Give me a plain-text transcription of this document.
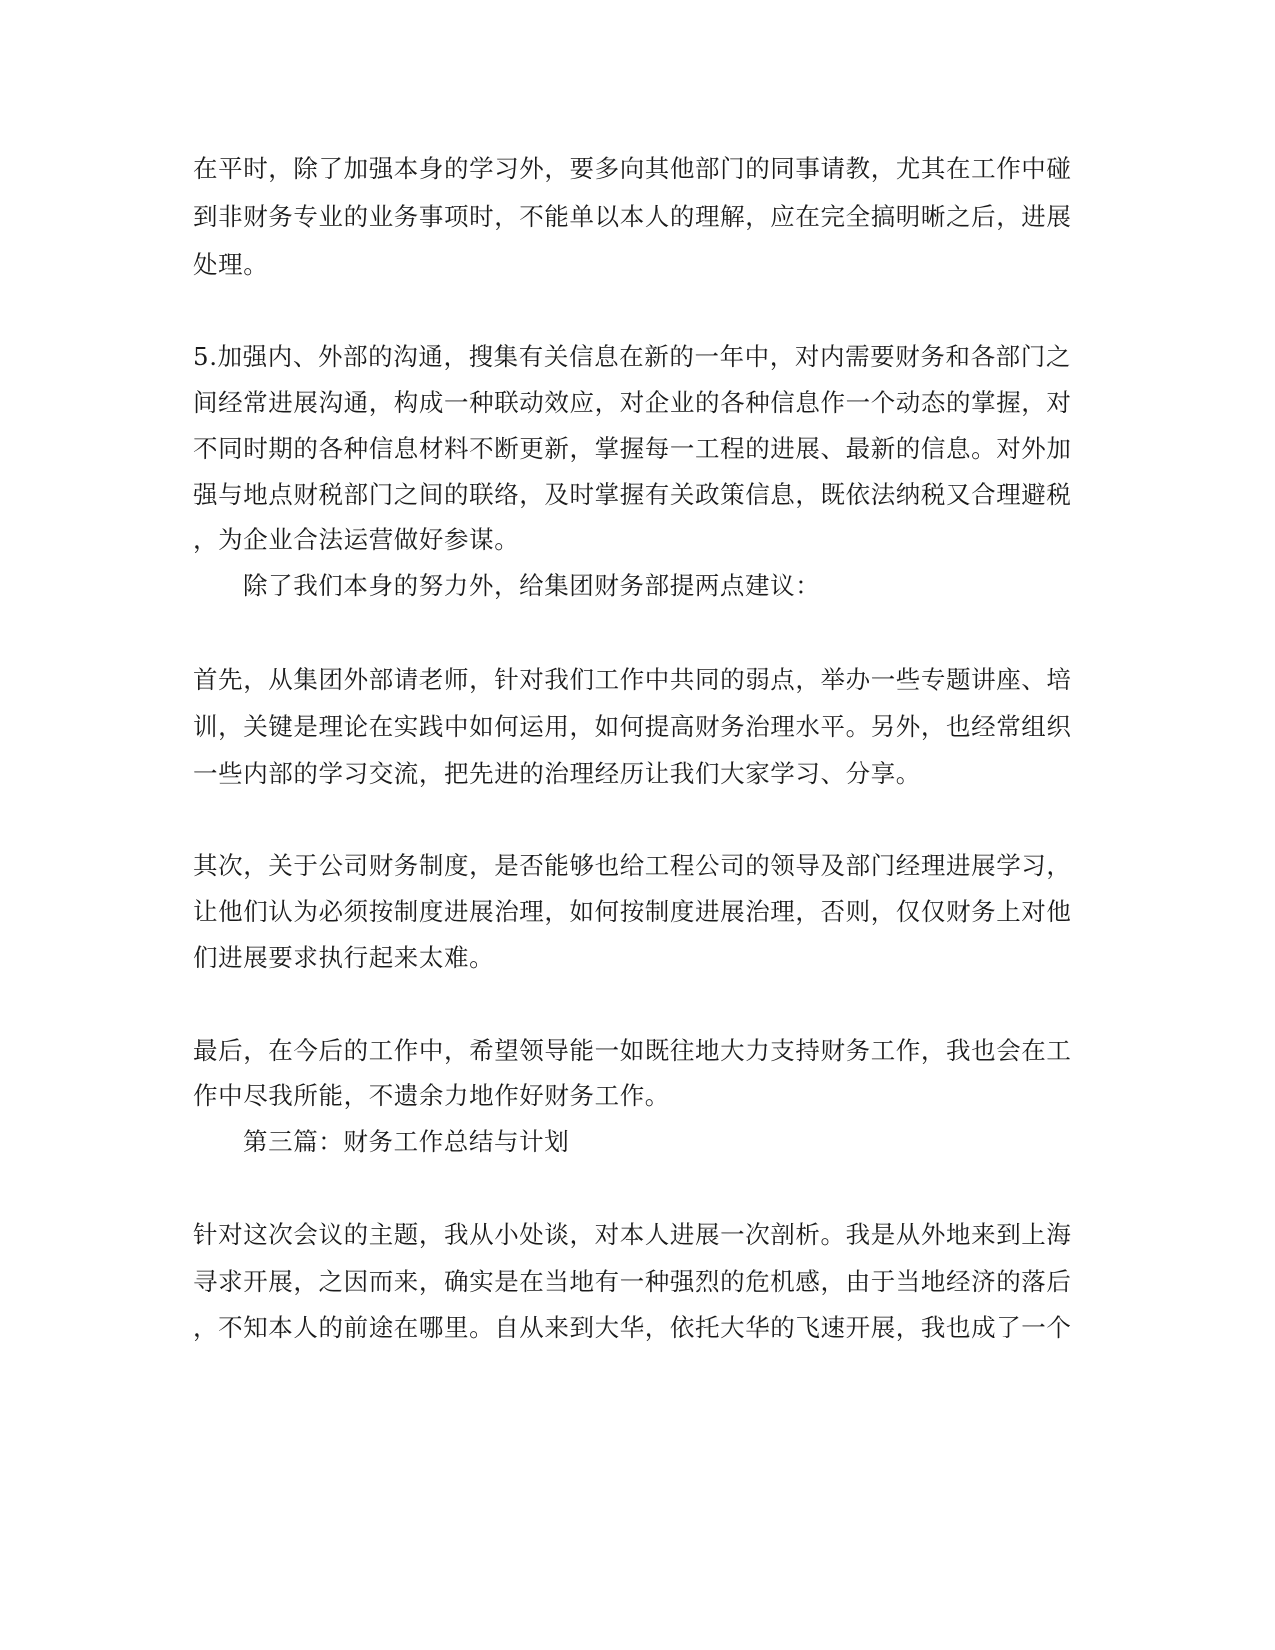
在平时，除了加强本身的学习外，要多向其他部门的同事请教，尤其在工作中碰
到非财务专业的业务事项时，不能单以本人的理解，应在完全搞明晰之后，进展
处理。
5.加强内、外部的沟通，搜集有关信息在新的一年中，对内需要财务和各部门之
间经常进展沟通，构成一种联动效应，对企业的各种信息作一个动态的掌握，对
不同时期的各种信息材料不断更新，掌握每一工程的进展、最新的信息。对外加
强与地点财税部门之间的联络，及时掌握有关政策信息，既依法纳税又合理避税
，为企业合法运营做好参谋。
除了我们本身的努力外，给集团财务部提两点建议：
首先，从集团外部请老师，针对我们工作中共同的弱点，举办一些专题讲座、培
训，关键是理论在实践中如何运用，如何提高财务治理水平。另外，也经常组织
一些内部的学习交流，把先进的治理经历让我们大家学习、分享。
其次，关于公司财务制度，是否能够也给工程公司的领导及部门经理进展学习，
让他们认为必须按制度进展治理，如何按制度进展治理，否则，仅仅财务上对他
们进展要求执行起来太难。
最后，在今后的工作中，希望领导能一如既往地大力支持财务工作，我也会在工
作中尽我所能，不遗余力地作好财务工作。
第三篇：财务工作总结与计划
针对这次会议的主题，我从小处谈，对本人进展一次剖析。我是从外地来到上海
寻求开展，之因而来，确实是在当地有一种强烈的危机感，由于当地经济的落后
，不知本人的前途在哪里。自从来到大华，依托大华的飞速开展，我也成了一个
